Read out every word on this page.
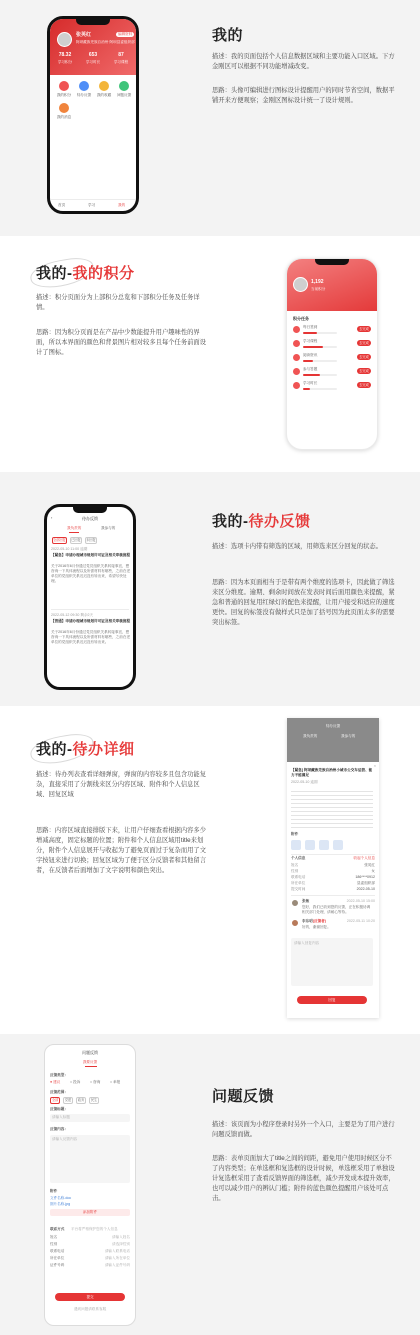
张英红
阿坝藏族羌族自治州·阿坝县委组织部
编辑资料
78.32
学习积分
653
学习时长
87
学习课程
我的积分	待办反馈	我的收藏	问题反馈
我的消息
首页	学习	我的
我的
描述：我的页面包括个人信息数据区域和主要功能入口区域。下方金刚区可以根据不同功能增减改变。
思路：头像可编辑进行图标设计提醒用户的同时节省空间，数据平铺开来方便观察；金刚区图标设计统一了设计规则。
我的-我的积分
描述：积分页面分为上部积分总览和下部积分任务及任务详情。
思路：因为积分页面是在产品中少数能提升用户趣味性的界面，所以本界面的颜色和背景图片相对较多且每个任务前面设计了图标。
1,192
当前积分
积分任务
每日签到	去完成
学习课程	去完成
阅读资讯	去完成
参与答题	去完成
学习时长	去完成
待办反馈
‹
我负责的	我参与的
全部回复	已回复	未回复
2022-05-10 11:00 逾期
【紧急】申请办理城市规划许可证及相关审核流程
关于2016年6月份通过党员组织关系转接事宜，想咨询一下具体流程以及所需材料有哪些，之前在老单位的党组织关系迟迟没有转出来，希望尽快处理。
2022-05-12 09:30 剩余2天
【普通】申请办理城市规划许可证及相关审核流程
关于2016年6月份通过党员组织关系转接事宜，想咨询一下具体流程以及所需材料有哪些，之前在老单位的党组织关系迟迟没有转出来。
我的-待办反馈
描述：选项卡内带有筛选的区域，用筛选来区分回复的状态。
思路：因为本页面相当于是带有两个维度的选项卡，因此做了筛选来区分维度。逾期、剩余时间放在发表时间后面用颜色来提醒，紧急和普通的回复用红绿灯的配色来提醒，让用户接受和适应的速度更快。回复的标签没有做样式只是加了括号因为此页面太多的需要突出标签。
我的-待办详细
描述：待办列表查看详细弹窗，弹窗的内容较多且包含功能复杂，直接采用了分割线来区分内容区域、附件和个人信息区域、回复区域
思路：内容区域直接排版下来，让用户仔细查看根据内容多少增减高度，固定标题的位置；附件和个人信息区域用title来划分，附件个人信息展开与收起为了避免页面过于复杂而用了文字按钮来进行切换；回复区域为了便于区分反馈者和其他留言者，在反馈者后面增加了文字说明和颜色突出。
待办反馈
我负责的	我参与的
×
【紧急] 阿坝藏族羌族自治州小城市公交车运营、能力不能满足
2022-05-10 逾期
附件
个人信息	收起个人信息
姓名	张英红
性别	女
联系电话	186****0912
所在单位	县委组织部
提交时间	2022-05-10
张敏	2022-05-10 15:00
您好，我们已收到您的反馈，正在积极协调相关部门处理，请耐心等待。
李东明(反馈者)	2022-05-11 10:20
好的，谢谢回复。
请输入回复内容
回复
问题反馈
我要反馈
反馈类型：
● 建议	○ 投诉	○ 咨询	○ 举报
反馈范围：
全部	党建	政务	民生
反馈标题：
请输入标题
反馈内容：
请输入反馈内容
附件
文件名称.doc
图片名称.jpg
添加附件
联系方式 平台将严格保护您的个人信息
姓名	请输入姓名
性别	请选择性别
联系电话	请输入联系电话
所在单位	请输入所在单位
证件号码	请输入证件号码
提交
遇到问题请联系客服
问题反馈
描述：该页面为小程序登录时另外一个入口，主要是为了用户进行问题反馈而做。
思路：表单页面加大了title之间的间距，避免用户使用时候区分不了内容类型；在单选框和复选框的设计时候，单选框采用了单独设计复选框采用了查看反馈界面的筛选框，减少开发成本提升效率，也可以减少用户的辨认门槛；附件的蓝色颜色提醒用户该处可点击。
